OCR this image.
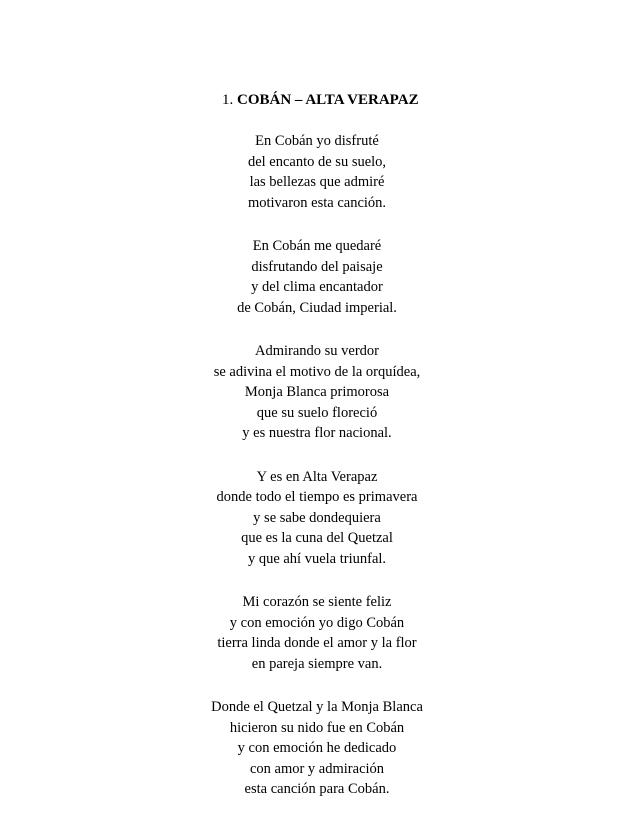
1. COBÁN – ALTA VERAPAZ
En Cobán yo disfruté
del encanto de su suelo,
las bellezas que admiré
motivaron esta canción.
En Cobán me quedaré
disfrutando del paisaje
y del clima encantador
de Cobán, Ciudad imperial.
Admirando su verdor
se adivina el motivo de la orquídea,
Monja Blanca primorosa
que su suelo floreció
y es nuestra flor nacional.
Y es en Alta Verapaz
donde todo el tiempo es primavera
y se sabe dondequiera
que es la cuna del Quetzal
y que ahí vuela triunfal.
Mi corazón se siente feliz
y con emoción yo digo Cobán
tierra linda donde el amor y la flor
en pareja siempre van.
Donde el Quetzal y la Monja Blanca
hicieron su nido fue en Cobán
y con emoción he dedicado
con amor y admiración
esta canción para Cobán.
